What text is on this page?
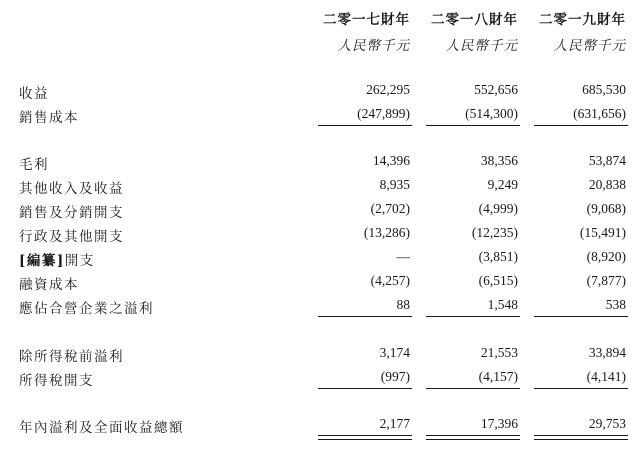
二零一七財年	二零一八財年	二零一九財年
人民幣千元	人民幣千元	人民幣千元
收益	262,295	552,656	685,530
銷售成本	(247,899)	(514,300)	(631,656)
毛利	14,396	38,356	53,874
其他收入及收益	8,935	9,249	20,838
銷售及分銷開支	(2,702)	(4,999)	(9,068)
行政及其他開支	(13,286)	(12,235)	(15,491)
[編纂]開支	—	(3,851)	(8,920)
融資成本	(4,257)	(6,515)	(7,877)
應佔合營企業之溢利	88	1,548	538
除所得稅前溢利	3,174	21,553	33,894
所得稅開支	(997)	(4,157)	(4,141)
年內溢利及全面收益總額	2,177	17,396	29,753
